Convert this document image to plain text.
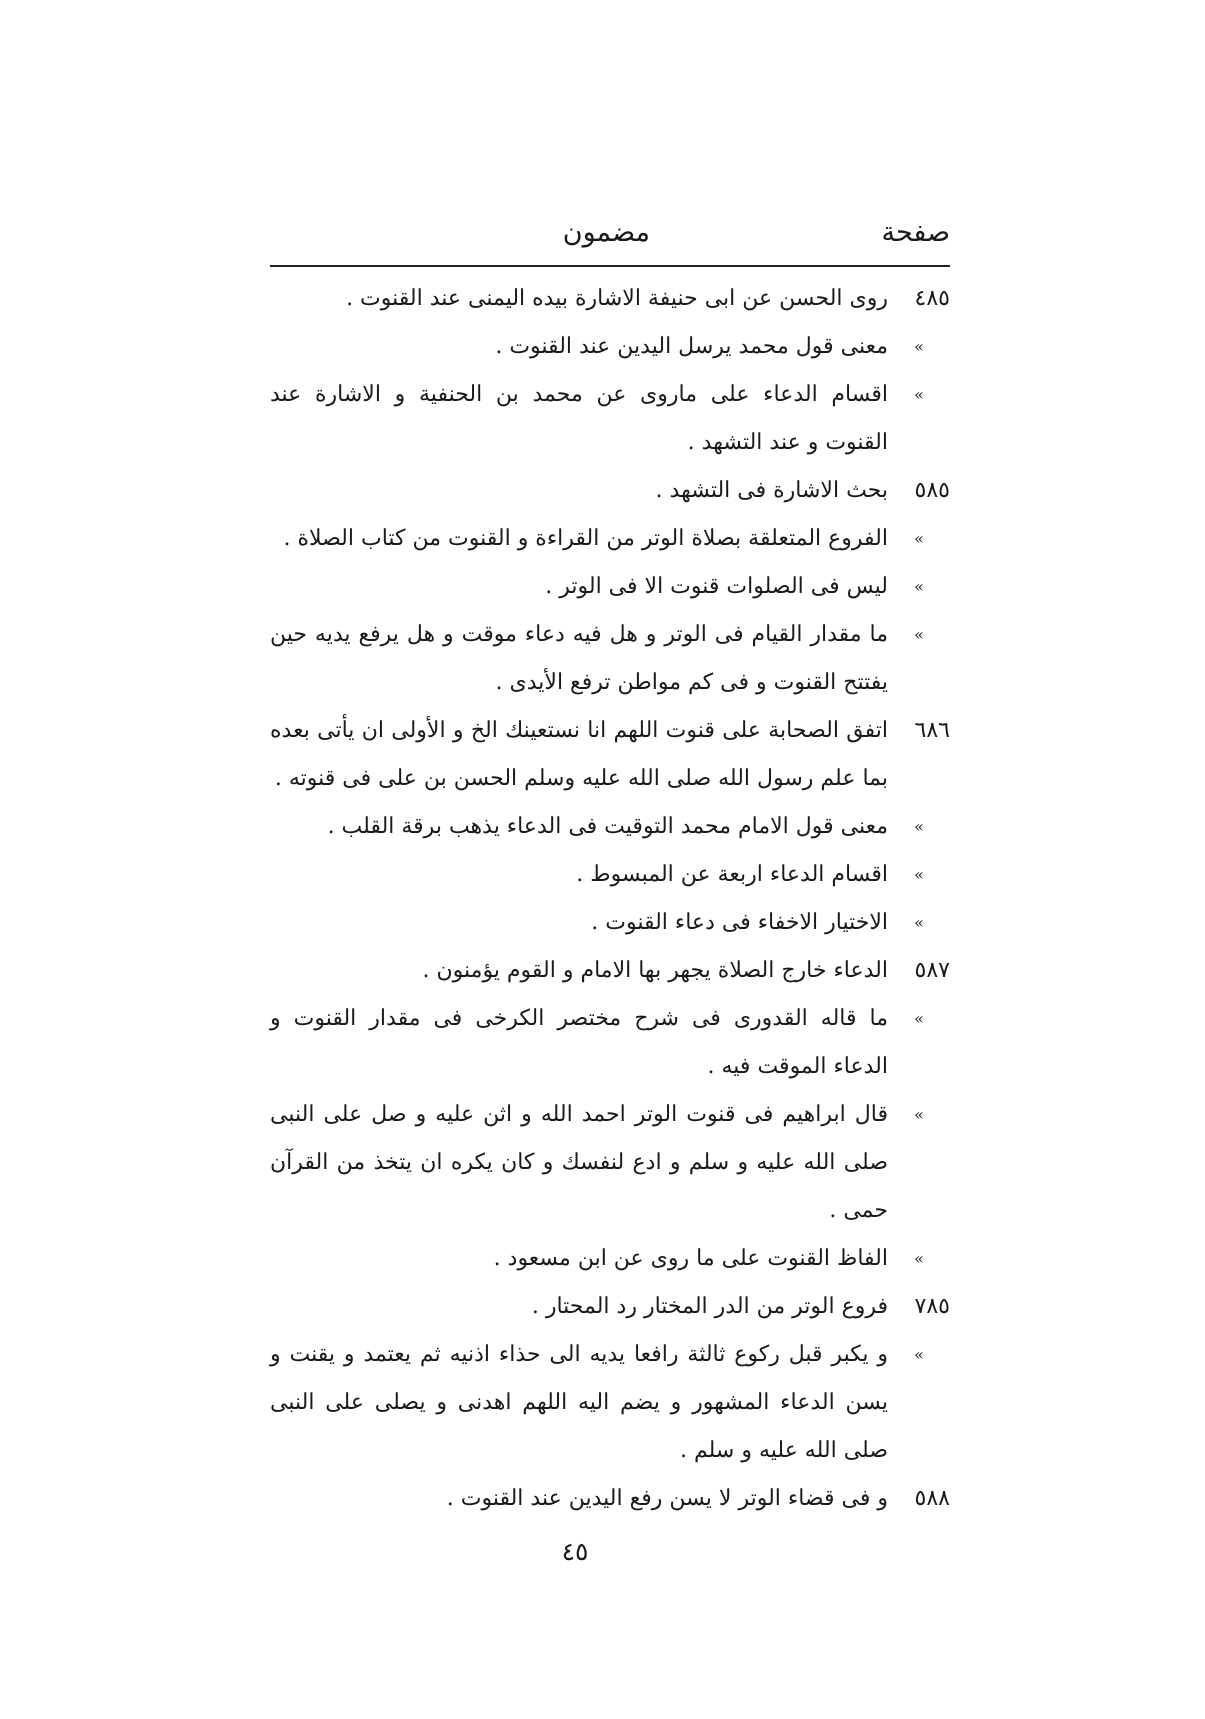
صفحة
مضمون
٤٨٥
روى الحسن عن ابى حنيفة الاشارة بيده اليمنى عند القنوت .
»
معنى قول محمد يرسل اليدين عند القنوت .
»
اقسام الدعاء على ماروى عن محمد بن الحنفية و الاشارة عند القنوت و عند التشهد .
٥٨٥
بحث الاشارة فى التشهد .
»
الفروع المتعلقة بصلاة الوتر من القراءة و القنوت من كتاب الصلاة .
»
ليس فى الصلوات قنوت الا فى الوتر .
»
ما مقدار القيام فى الوتر و هل فيه دعاء موقت و هل يرفع يديه حين يفتتح القنوت و فى كم مواطن ترفع الأيدى .
٦٨٦
اتفق الصحابة على قنوت اللهم انا نستعينك الخ و الأولى ان يأتى بعده بما علم رسول الله صلى الله عليه وسلم الحسن بن على فى قنوته .
»
معنى قول الامام محمد التوقيت فى الدعاء يذهب برقة القلب .
»
اقسام الدعاء اربعة عن المبسوط .
»
الاختيار الاخفاء فى دعاء القنوت .
٥٨٧
الدعاء خارج الصلاة يجهر بها الامام و القوم يؤمنون .
»
ما قاله القدورى فى شرح مختصر الكرخى فى مقدار القنوت و الدعاء الموقت فيه .
»
قال ابراهيم فى قنوت الوتر احمد الله و اثن عليه و صل على النبى صلى الله عليه و سلم و ادع لنفسك و كان يكره ان يتخذ من القرآن حمى .
»
الفاظ القنوت على ما روى عن ابن مسعود .
٧٨٥
فروع الوتر من الدر المختار رد المحتار .
»
و يكبر قبل ركوع ثالثة رافعا يديه الى حذاء اذنيه ثم يعتمد و يقنت و يسن الدعاء المشهور و يضم اليه اللهم اهدنى و يصلى على النبى صلى الله عليه و سلم .
٥٨٨
و فى قضاء الوتر لا يسن رفع اليدين عند القنوت .
٤٥
